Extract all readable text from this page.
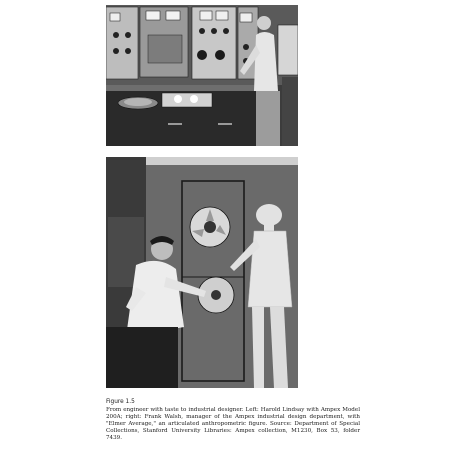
Figure 1.5
From engineer with taste to industrial designer. Left: Harold Lindsay with Ampex Model 200A; right: Frank Walsh, manager of the Ampex industrial design department, with "Elmer Average," an articulated anthropometric figure. Source: Department of Special Collections, Stanford University Libraries: Ampex collection, M1230, Box 53, folder 7439.
